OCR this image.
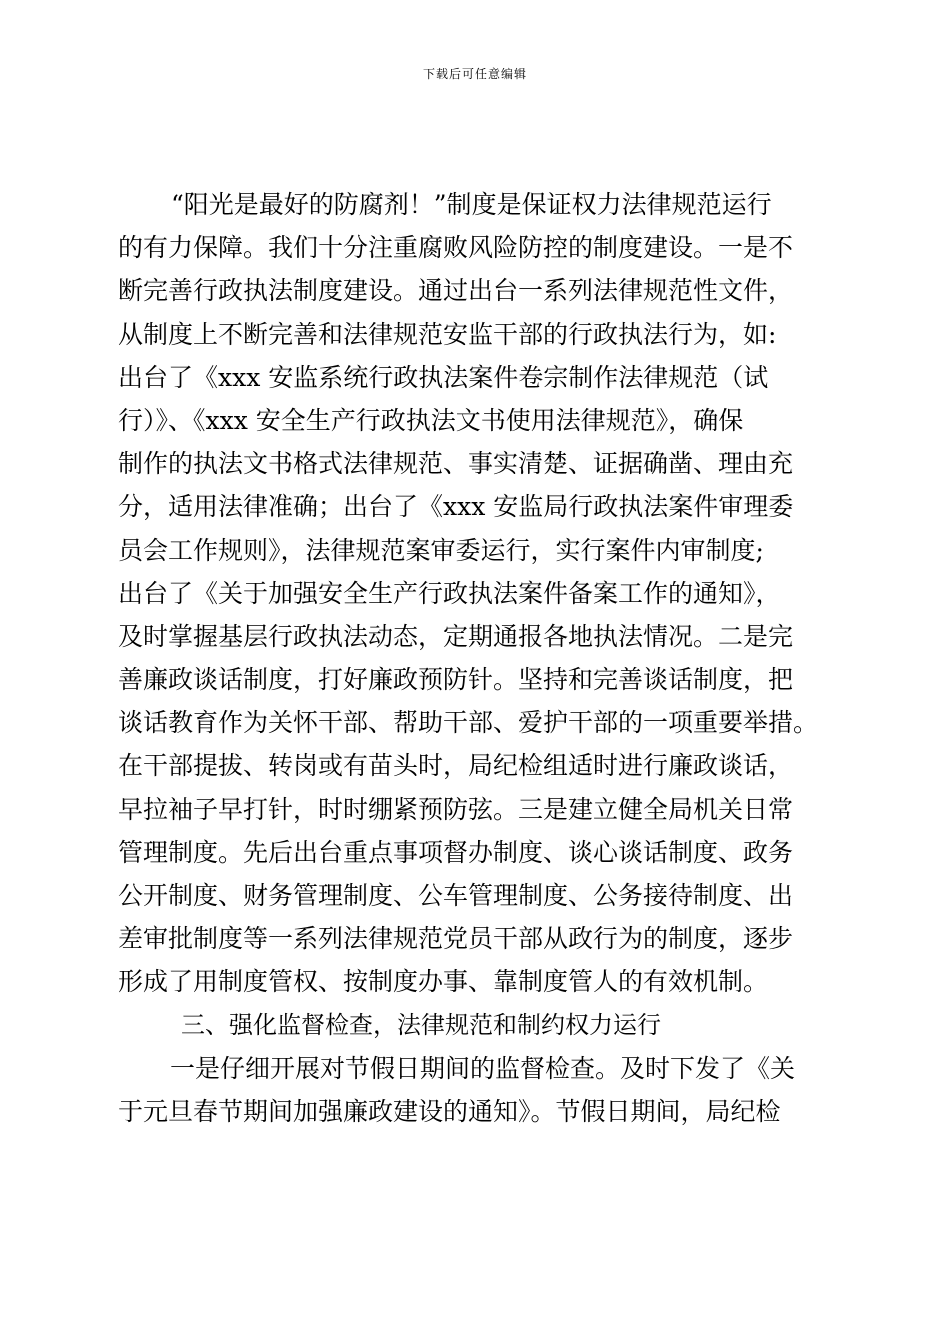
下载后可任意编辑
“阳光是最好的防腐剂！”制度是保证权力法律规范运行
的有力保障。我们十分注重腐败风险防控的制度建设。一是不
断完善行政执法制度建设。通过出台一系列法律规范性文件，
从制度上不断完善和法律规范安监干部的行政执法行为，如:
出台了《xxx 安监系统行政执法案件卷宗制作法律规范（试
行）》、《xxx 安全生产行政执法文书使用法律规范》，确保
制作的执法文书格式法律规范、事实清楚、证据确凿、理由充
分，适用法律准确；出台了《xxx 安监局行政执法案件审理委
员会工作规则》，法律规范案审委运行，实行案件内审制度;
出台了《关于加强安全生产行政执法案件备案工作的通知》，
及时掌握基层行政执法动态，定期通报各地执法情况。二是完
善廉政谈话制度，打好廉政预防针。坚持和完善谈话制度，把
谈话教育作为关怀干部、帮助干部、爱护干部的一项重要举措。
在干部提拔、转岗或有苗头时，局纪检组适时进行廉政谈话，
早拉袖子早打针，时时绷紧预防弦。三是建立健全局机关日常
管理制度。先后出台重点事项督办制度、谈心谈话制度、政务
公开制度、财务管理制度、公车管理制度、公务接待制度、出
差审批制度等一系列法律规范党员干部从政行为的制度，逐步
形成了用制度管权、按制度办事、靠制度管人的有效机制。
三、强化监督检查，法律规范和制约权力运行
一是仔细开展对节假日期间的监督检查。及时下发了《关
于元旦春节期间加强廉政建设的通知》。节假日期间，局纪检
